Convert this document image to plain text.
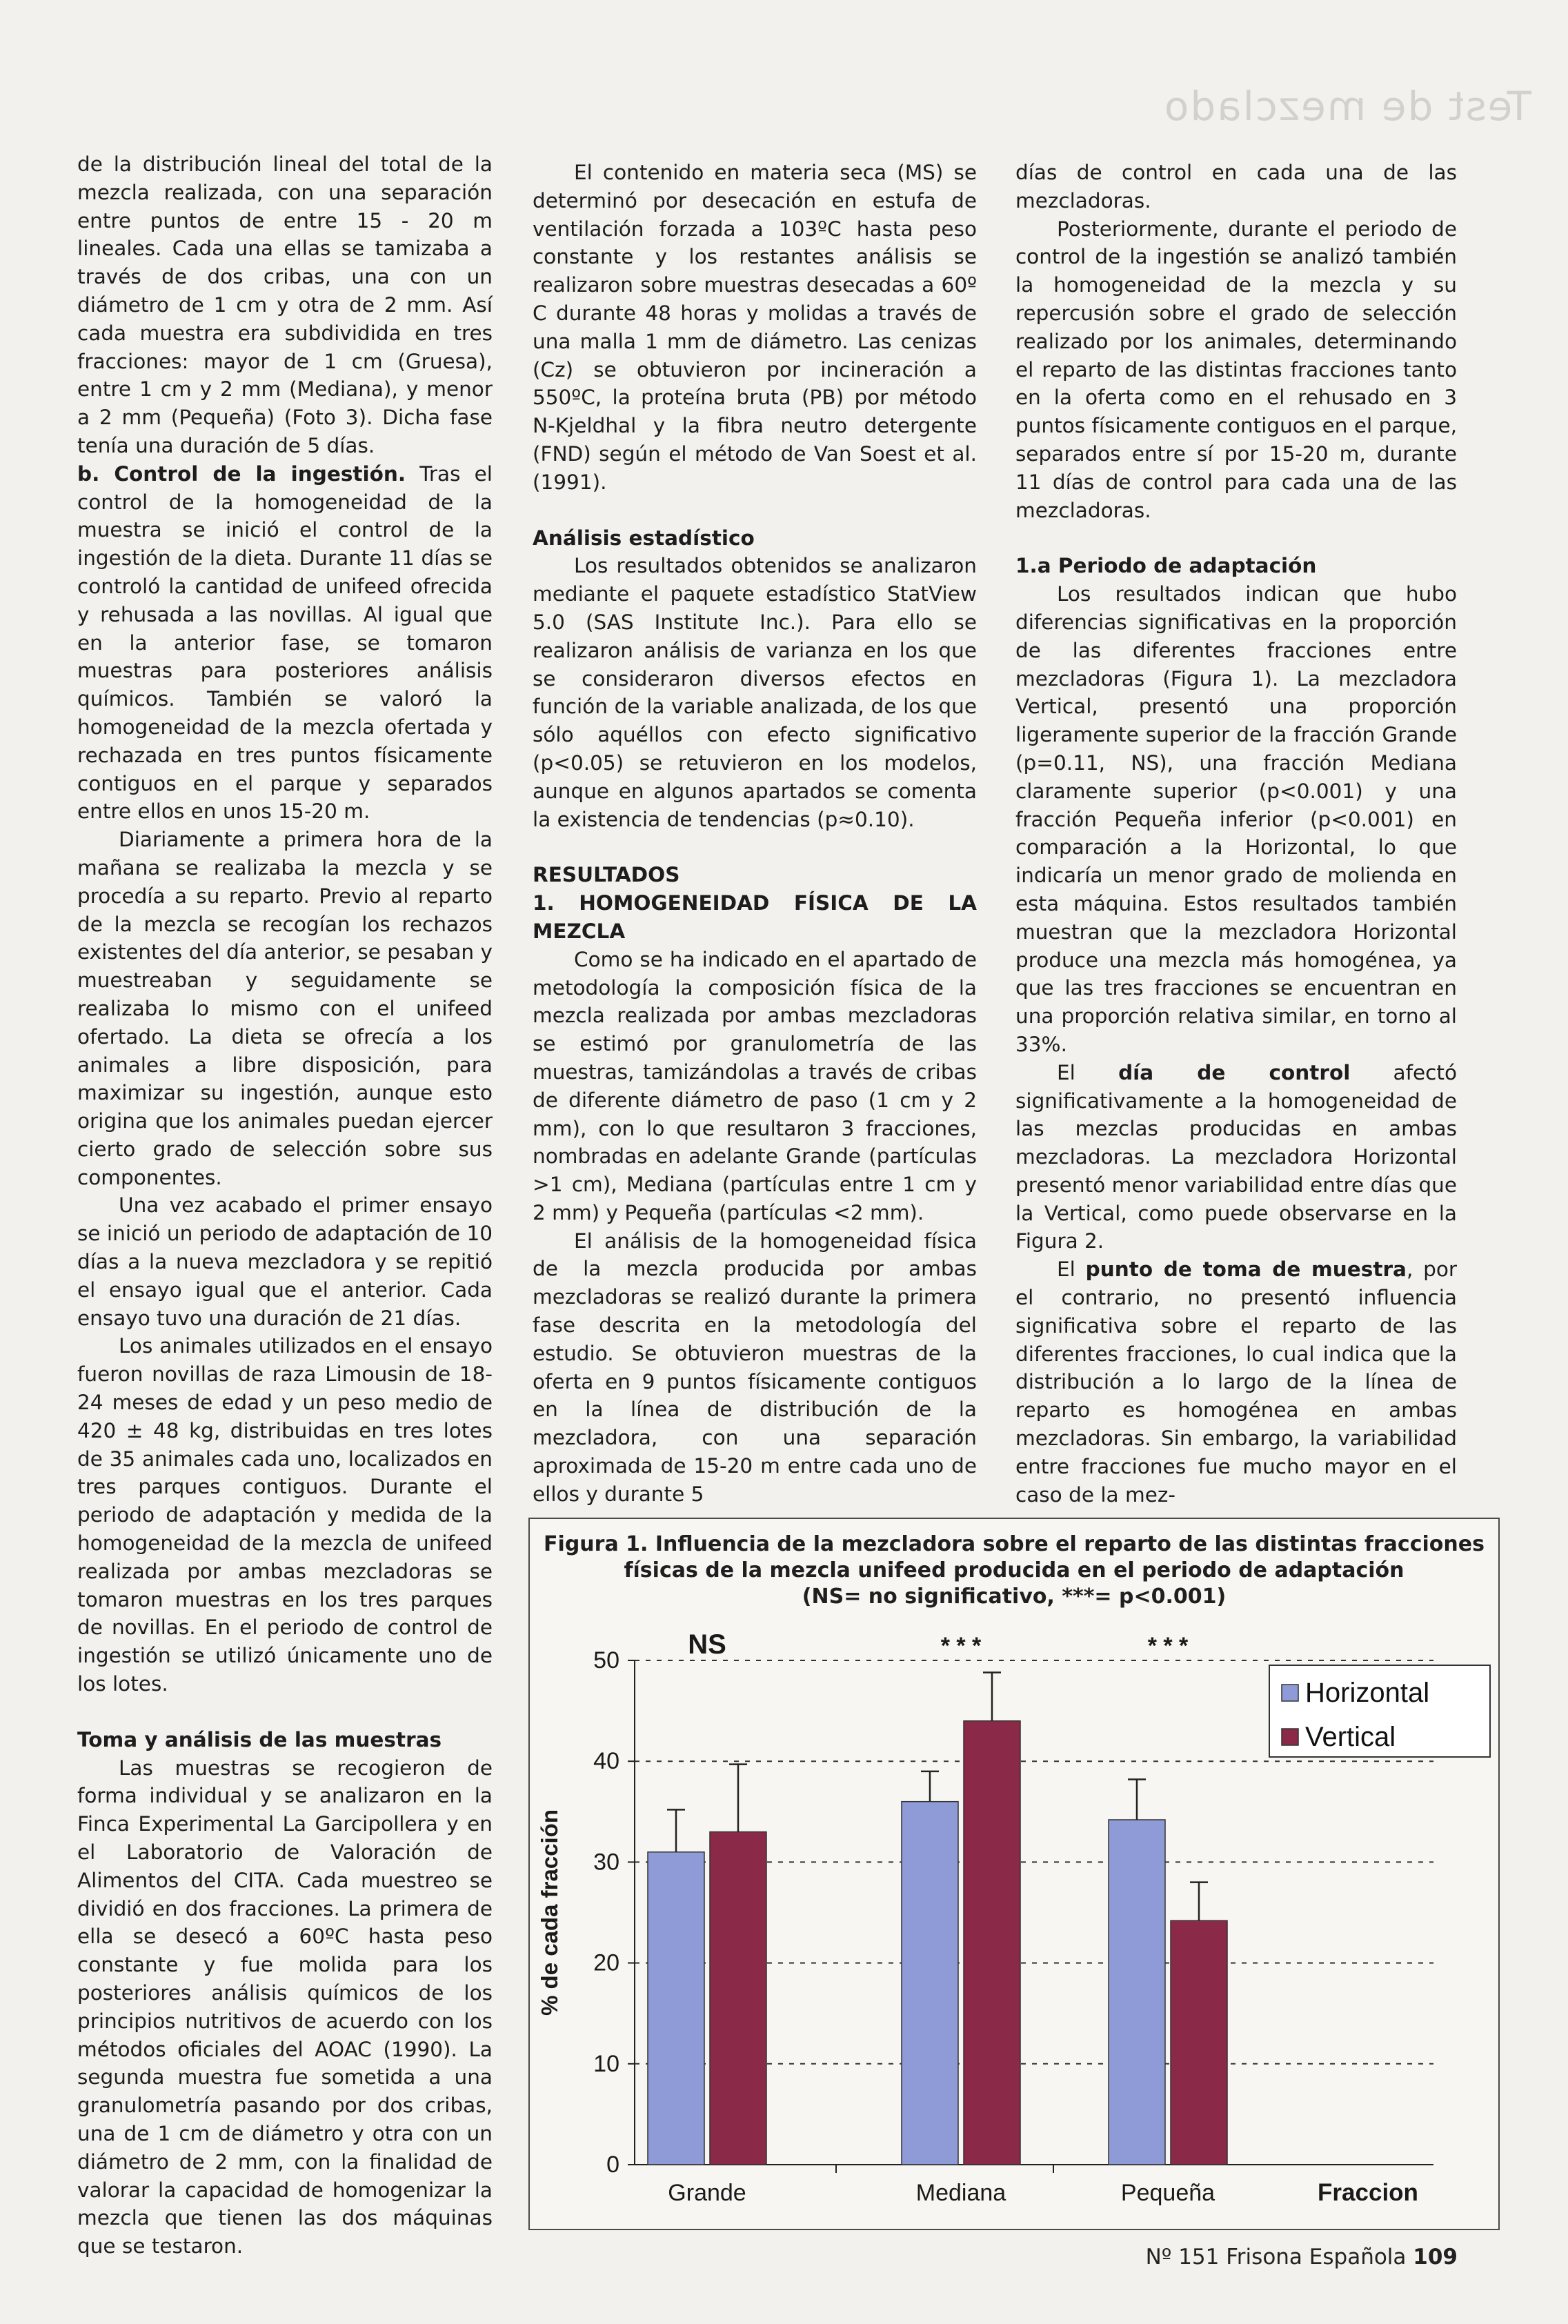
Test de mezclado

de la distribución lineal del total de la mezcla realizada, con una separación entre puntos de entre 15 - 20 m lineales. Cada una ellas se tamizaba a través de dos cribas, una con un diámetro de 1 cm y otra de 2 mm. Así cada muestra era subdividida en tres fracciones: mayor de 1 cm (Gruesa), entre 1 cm y 2 mm (Mediana), y menor a 2 mm (Pequeña) (Foto 3). Dicha fase tenía una duración de 5 días.

b. Control de la ingestión. Tras el control de la homogeneidad de la muestra se inició el control de la ingestión de la dieta. Durante 11 días se controló la cantidad de unifeed ofrecida y rehusada a las novillas. Al igual que en la anterior fase, se tomaron muestras para posteriores análisis químicos. También se valoró la homogeneidad de la mezcla ofertada y rechazada en tres puntos físicamente contiguos en el parque y separados entre ellos en unos 15-20 m.

Diariamente a primera hora de la mañana se realizaba la mezcla y se procedía a su reparto. Previo al reparto de la mezcla se recogían los rechazos existentes del día anterior, se pesaban y muestreaban y seguidamente se realizaba lo mismo con el unifeed ofertado. La dieta se ofrecía a los animales a libre disposición, para maximizar su ingestión, aunque esto origina que los animales puedan ejercer cierto grado de selección sobre sus componentes.

Una vez acabado el primer ensayo se inició un periodo de adaptación de 10 días a la nueva mezcladora y se repitió el ensayo igual que el anterior. Cada ensayo tuvo una duración de 21 días.

Los animales utilizados en el ensayo fueron novillas de raza Limousin de 18-24 meses de edad y un peso medio de 420 ± 48 kg, distribuidas en tres lotes de 35 animales cada uno, localizados en tres parques contiguos. Durante el periodo de adaptación y medida de la homogeneidad de la mezcla de unifeed realizada por ambas mezcladoras se tomaron muestras en los tres parques de novillas. En el periodo de control de ingestión se utilizó únicamente uno de los lotes.

Toma y análisis de las muestras

Las muestras se recogieron de forma individual y se analizaron en la Finca Experimental La Garcipollera y en el Laboratorio de Valoración de Alimentos del CITA. Cada muestreo se dividió en dos fracciones. La primera de ella se desecó a 60ºC hasta peso constante y fue molida para los posteriores análisis químicos de los principios nutritivos de acuerdo con los métodos oficiales del AOAC (1990). La segunda muestra fue sometida a una granulometría pasando por dos cribas, una de 1 cm de diámetro y otra con un diámetro de 2 mm, con la finalidad de valorar la capacidad de homogenizar la mezcla que tienen las dos máquinas que se testaron.

El contenido en materia seca (MS) se determinó por desecación en estufa de ventilación forzada a 103ºC hasta peso constante y los restantes análisis se realizaron sobre muestras desecadas a 60º C durante 48 horas y molidas a través de una malla 1 mm de diámetro. Las cenizas (Cz) se obtuvieron por incineración a 550ºC, la proteína bruta (PB) por método N-Kjeldhal y la fibra neutro detergente (FND) según el método de Van Soest et al. (1991).

Análisis estadístico

Los resultados obtenidos se analizaron mediante el paquete estadístico StatView 5.0 (SAS Institute Inc.). Para ello se realizaron análisis de varianza en los que se consideraron diversos efectos en función de la variable analizada, de los que sólo aquéllos con efecto significativo (p<0.05) se retuvieron en los modelos, aunque en algunos apartados se comenta la existencia de tendencias (p≈0.10).

RESULTADOS
1. HOMOGENEIDAD FÍSICA DE LA MEZCLA

Como se ha indicado en el apartado de metodología la composición física de la mezcla realizada por ambas mezcladoras se estimó por granulometría de las muestras, tamizándolas a través de cribas de diferente diámetro de paso (1 cm y 2 mm), con lo que resultaron 3 fracciones, nombradas en adelante Grande (partículas >1 cm), Mediana (partículas entre 1 cm y 2 mm) y Pequeña (partículas <2 mm).

El análisis de la homogeneidad física de la mezcla producida por ambas mezcladoras se realizó durante la primera fase descrita en la metodología del estudio. Se obtuvieron muestras de la oferta en 9 puntos físicamente contiguos en la línea de distribución de la mezcladora, con una separación aproximada de 15-20 m entre cada uno de ellos y durante 5

días de control en cada una de las mezcladoras.

Posteriormente, durante el periodo de control de la ingestión se analizó también la homogeneidad de la mezcla y su repercusión sobre el grado de selección realizado por los animales, determinando el reparto de las distintas fracciones tanto en la oferta como en el rehusado en 3 puntos físicamente contiguos en el parque, separados entre sí por 15-20 m, durante 11 días de control para cada una de las mezcladoras.

1.a Periodo de adaptación

Los resultados indican que hubo diferencias significativas en la proporción de las diferentes fracciones entre mezcladoras (Figura 1). La mezcladora Vertical, presentó una proporción ligeramente superior de la fracción Grande (p=0.11, NS), una fracción Mediana claramente superior (p<0.001) y una fracción Pequeña inferior (p<0.001) en comparación a la Horizontal, lo que indicaría un menor grado de molienda en esta máquina. Estos resultados también muestran que la mezcladora Horizontal produce una mezcla más homogénea, ya que las tres fracciones se encuentran en una proporción relativa similar, en torno al 33%.

El día de control afectó significativamente a la homogeneidad de las mezclas producidas en ambas mezcladoras. La mezcladora Horizontal presentó menor variabilidad entre días que la Vertical, como puede observarse en la Figura 2.

El punto de toma de muestra, por el contrario, no presentó influencia significativa sobre el reparto de las diferentes fracciones, lo cual indica que la distribución a lo largo de la línea de reparto es homogénea en ambas mezcladoras. Sin embargo, la variabilidad entre fracciones fue mucho mayor en el caso de la mez-

Figura 1. Influencia de la mezcladora sobre el reparto de las distintas fracciones
físicas de la mezcla unifeed producida en el periodo de adaptación
(NS= no significativo, ***= p<0.001)
0
10
20
30
40
50
% de cada fracción
Grande
NS
Mediana
* * *
Pequeña
* * *
Fraccion
Horizontal
Vertical
Nº 151 Frisona Española 109
